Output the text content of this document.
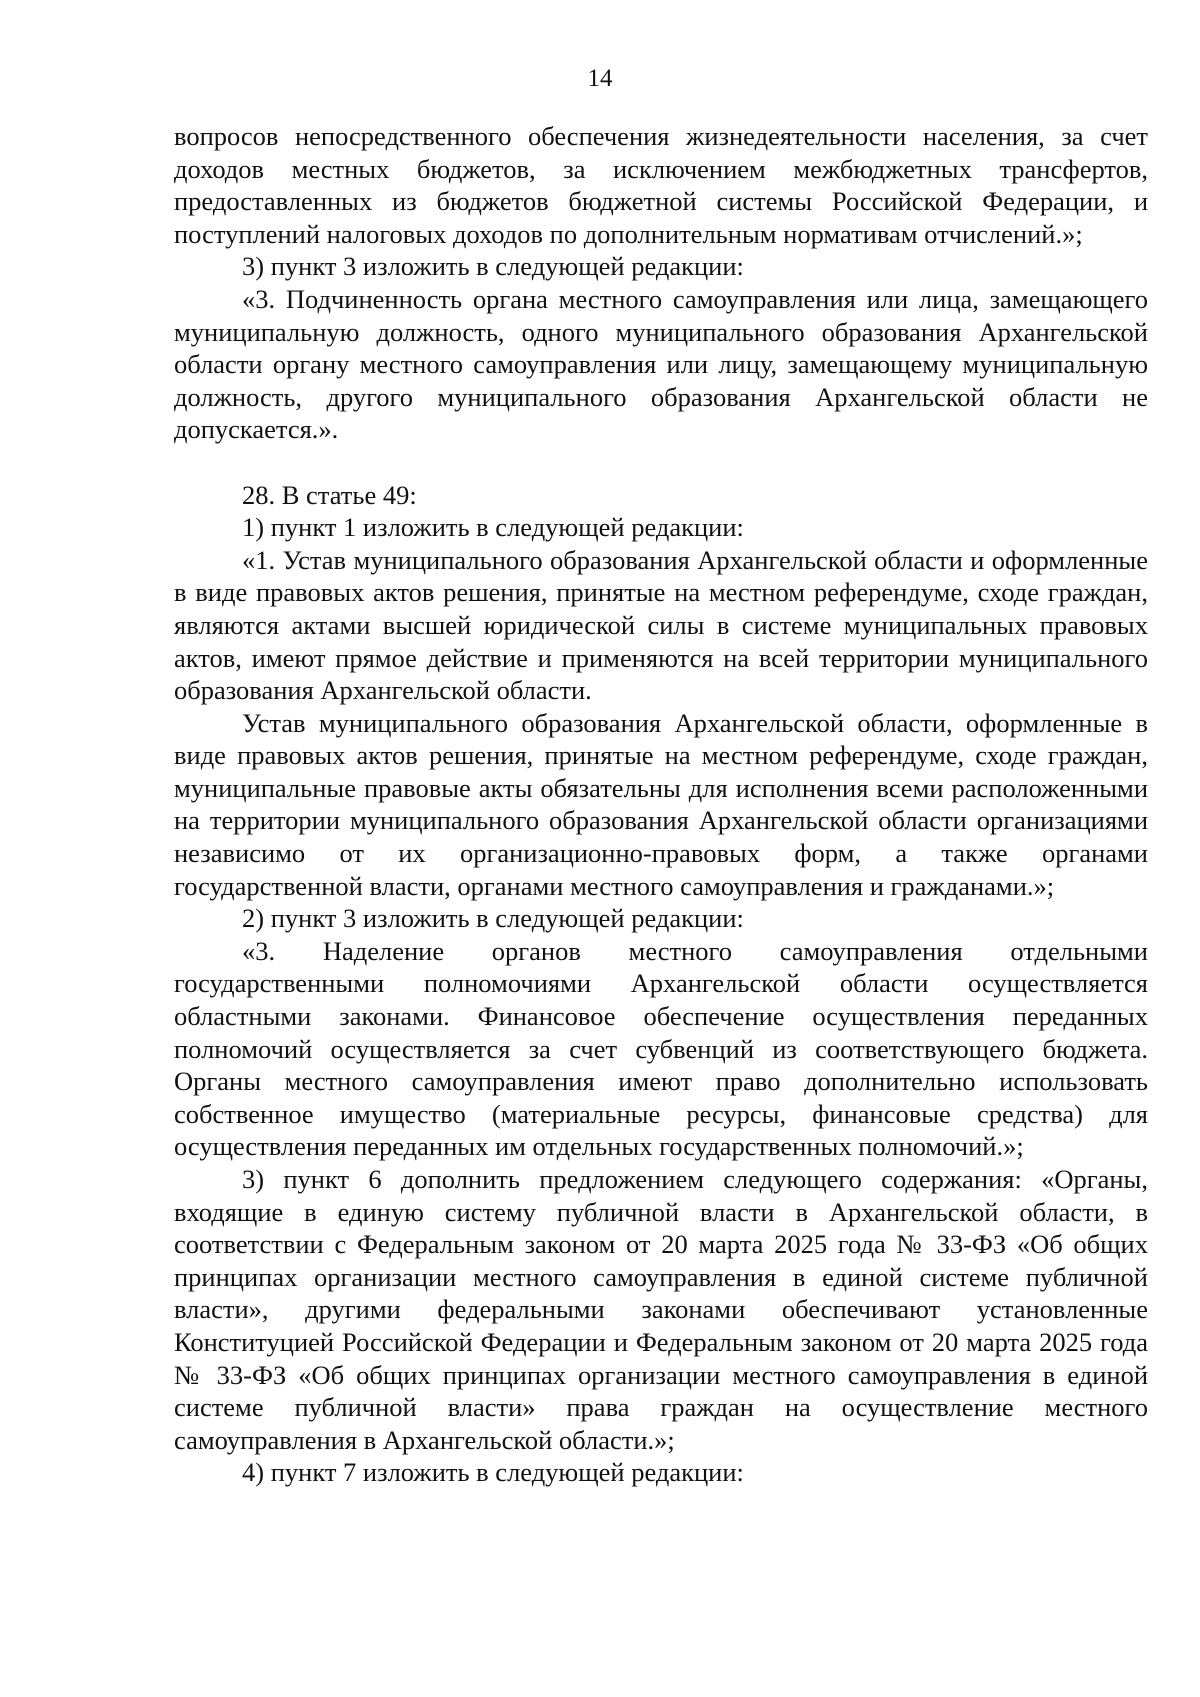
14

вопросов непосредственного обеспечения жизнедеятельности населения, за счет доходов местных бюджетов, за исключением межбюджетных трансфертов, предоставленных из бюджетов бюджетной системы Российской Федерации, и поступлений налоговых доходов по дополнительным нормативам отчислений.»;

3) пункт 3 изложить в следующей редакции:

«3. Подчиненность органа местного самоуправления или лица, замещающего муниципальную должность, одного муниципального образования Архангельской области органу местного самоуправления или лицу, замещающему муниципальную должность, другого муниципального образования Архангельской области не допускается.».

28. В статье 49:

1) пункт 1 изложить в следующей редакции:

«1. Устав муниципального образования Архангельской области и оформленные в виде правовых актов решения, принятые на местном референдуме, сходе граждан, являются актами высшей юридической силы в системе муниципальных правовых актов, имеют прямое действие и применяются на всей территории муниципального образования Архангельской области.

Устав муниципального образования Архангельской области, оформленные в виде правовых актов решения, принятые на местном референдуме, сходе граждан, муниципальные правовые акты обязательны для исполнения всеми расположенными на территории муниципального образования Архангельской области организациями независимо от их организационно-правовых форм, а также органами государственной власти, органами местного самоуправления и гражданами.»;

2) пункт 3 изложить в следующей редакции:

«3. Наделение органов местного самоуправления отдельными государственными полномочиями Архангельской области осуществляется областными законами. Финансовое обеспечение осуществления переданных полномочий осуществляется за счет субвенций из соответствующего бюджета. Органы местного самоуправления имеют право дополнительно использовать собственное имущество (материальные ресурсы, финансовые средства) для осуществления переданных им отдельных государственных полномочий.»;

3) пункт 6 дополнить предложением следующего содержания: «Органы, входящие в единую систему публичной власти в Архангельской области, в соответствии с Федеральным законом от 20 марта 2025 года № 33-ФЗ «Об общих принципах организации местного самоуправления в единой системе публичной власти», другими федеральными законами обеспечивают установленные Конституцией Российской Федерации и Федеральным законом от 20 марта 2025 года № 33-ФЗ «Об общих принципах организации местного самоуправления в единой системе публичной власти» права граждан на осуществление местного самоуправления в Архангельской области.»;

4) пункт 7 изложить в следующей редакции:
